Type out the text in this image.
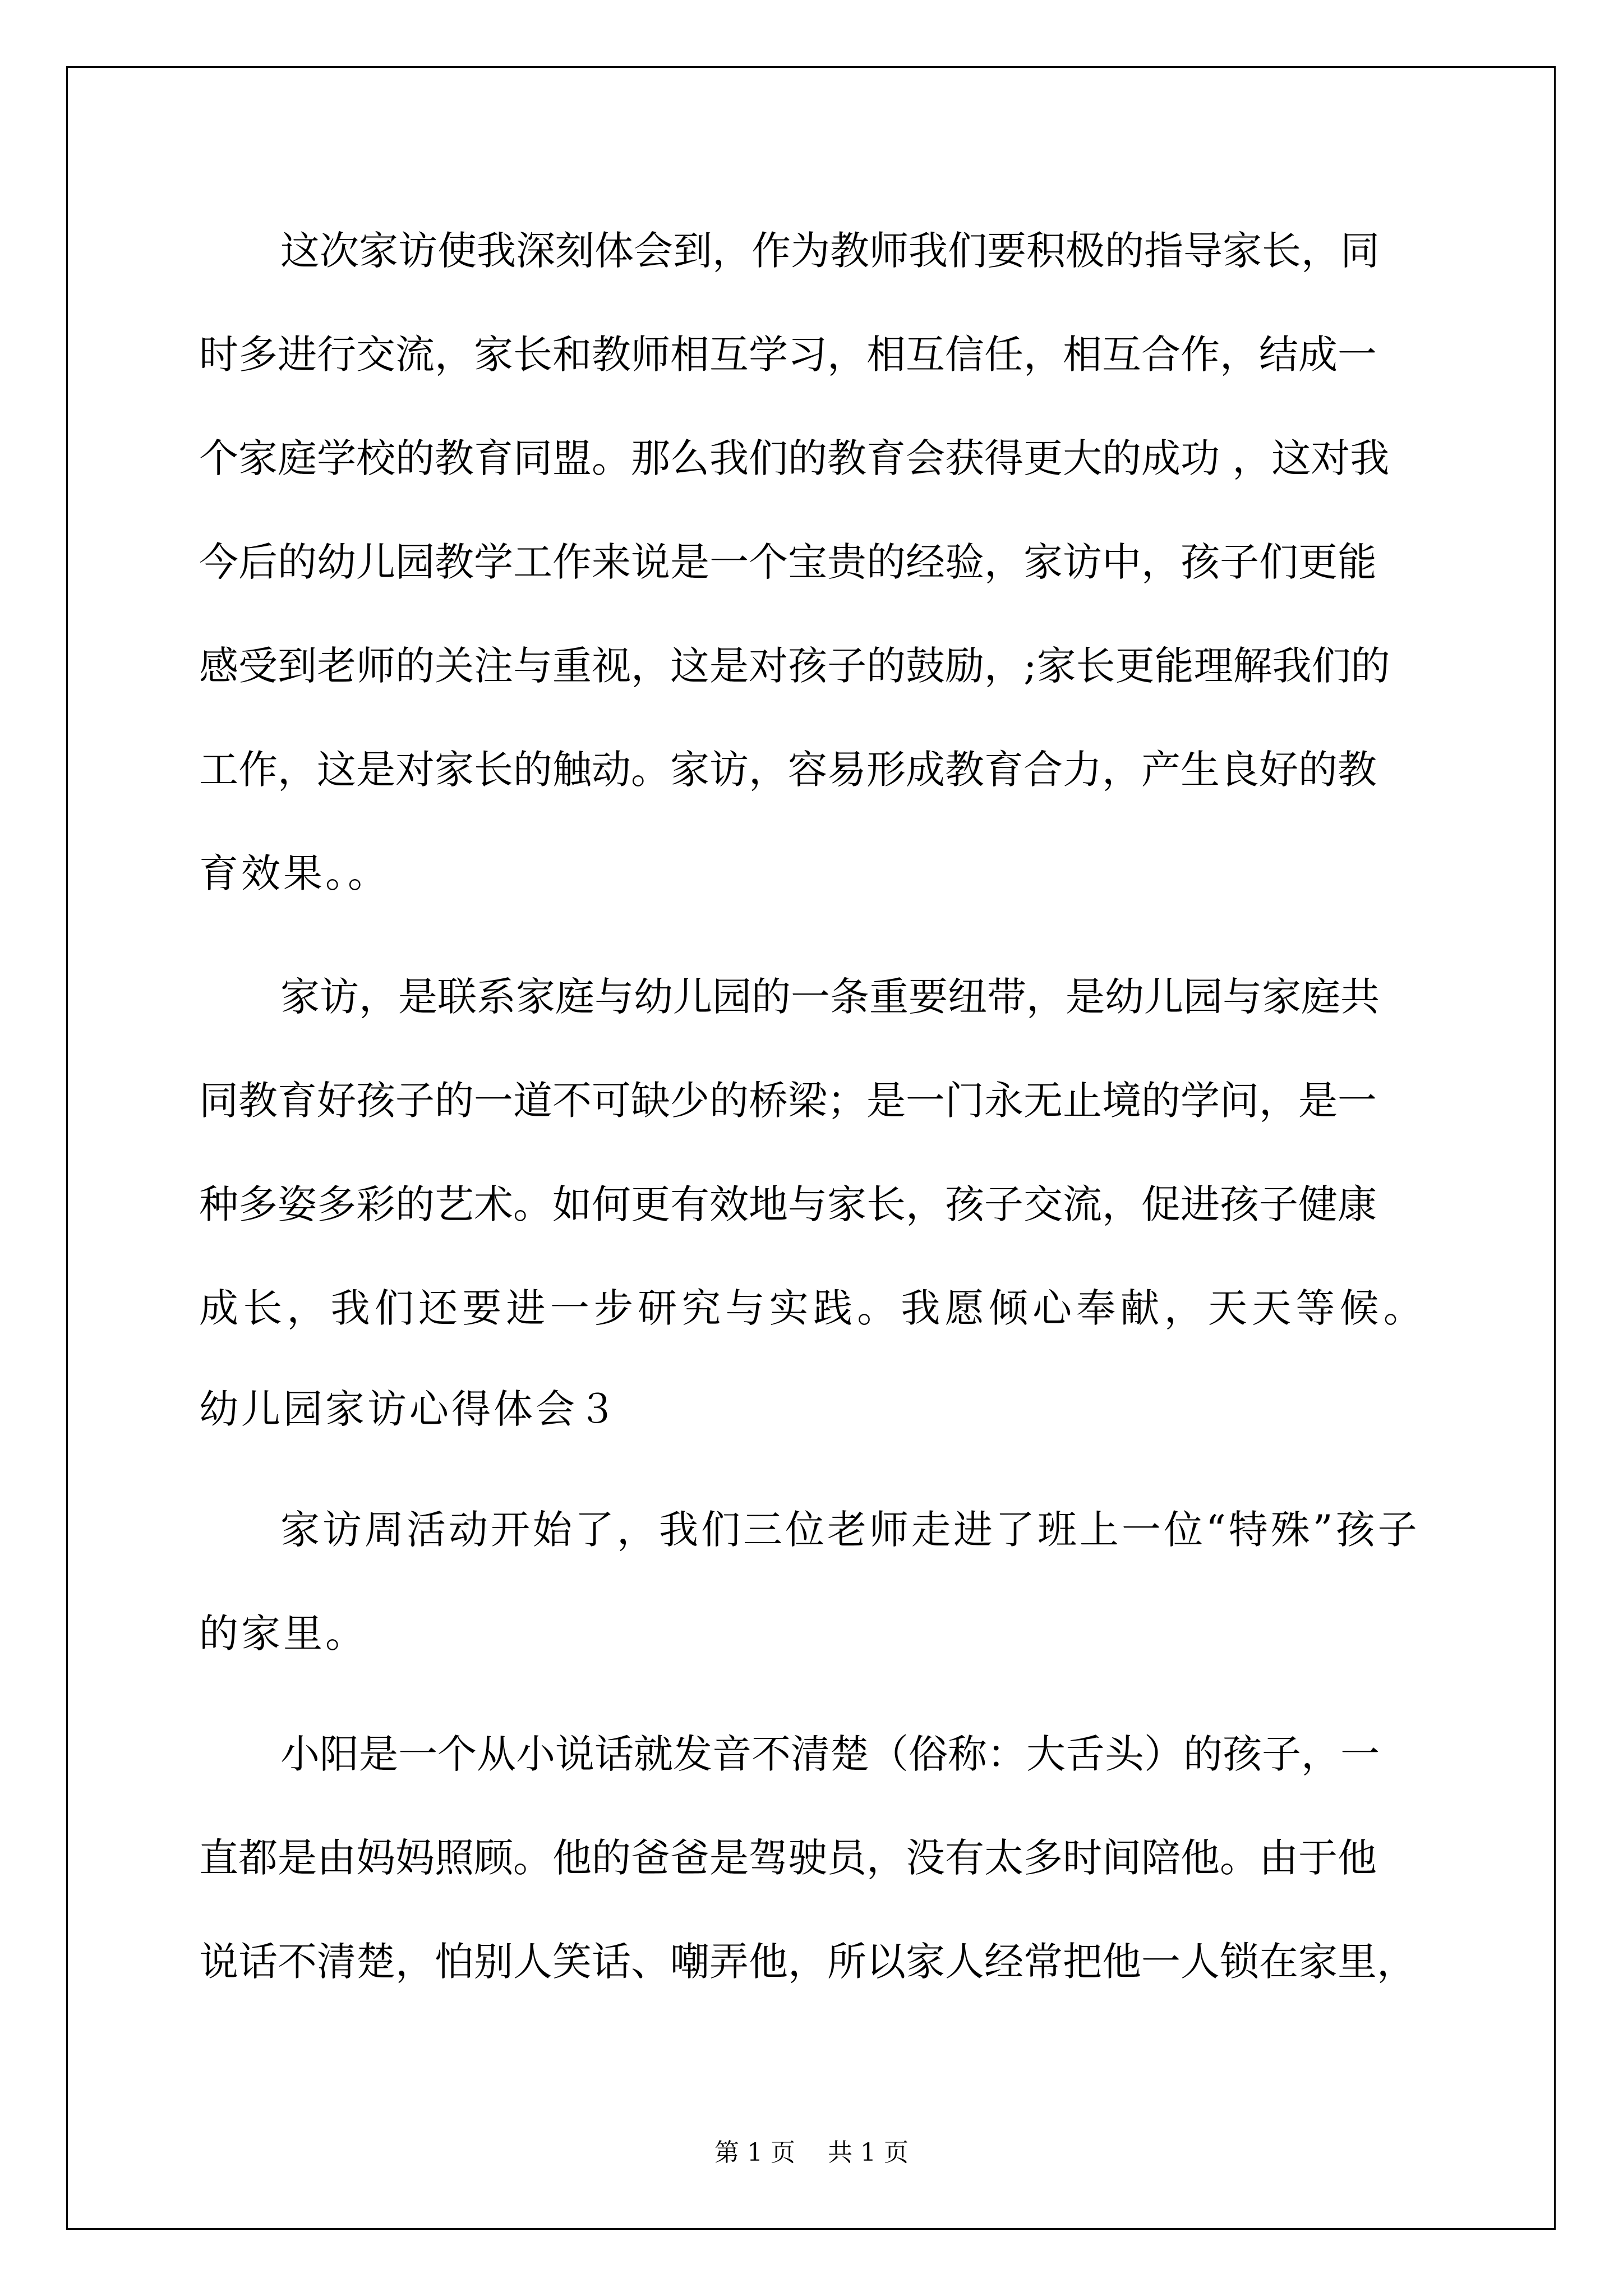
这次家访使我深刻体会到，作为教师我们要积极的指导家长，同
时多进行交流，家长和教师相互学习，相互信任，相互合作，结成一
个家庭学校的教育同盟。那么我们的教育会获得更大的成功 ，这对我
今后的幼儿园教学工作来说是一个宝贵的经验，家访中，孩子们更能
感受到老师的关注与重视，这是对孩子的鼓励，;家长更能理解我们的
工作，这是对家长的触动。家访，容易形成教育合力，产生良好的教
育效果。。
家访，是联系家庭与幼儿园的一条重要纽带，是幼儿园与家庭共
同教育好孩子的一道不可缺少的桥梁；是一门永无止境的学问，是一
种多姿多彩的艺术。如何更有效地与家长，孩子交流，促进孩子健康
成长，我们还要进一步研究与实践。我愿倾心奉献，天天等候。
幼儿园家访心得体会３
家访周活动开始了，我们三位老师走进了班上一位“特殊”孩子
的家里。
小阳是一个从小说话就发音不清楚（俗称：大舌头）的孩子，一
直都是由妈妈照顾。他的爸爸是驾驶员，没有太多时间陪他。由于他
说话不清楚，怕别人笑话、嘲弄他，所以家人经常把他一人锁在家里，
第 1 页　 共 1 页
